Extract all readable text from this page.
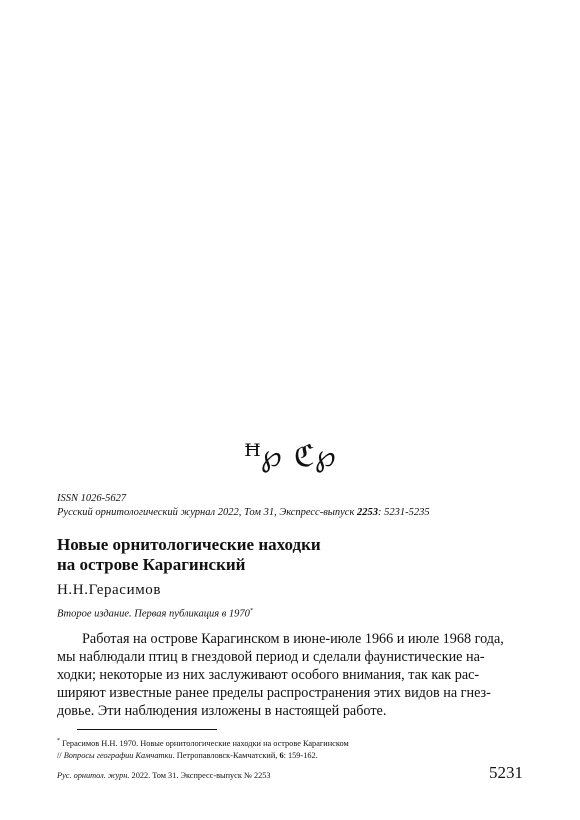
ꟸ℘ ℭ℘
ISSN 1026-5627
Русский орнитологический журнал 2022, Том 31, Экспресс-выпуск 2253: 5231-5235
Новые орнитологические находки
на острове Карагинский
Н.Н.Герасимов
Второе издание. Первая публикация в 1970*
Работая на острове Карагинском в июне-июле 1966 и июле 1968 года,
мы наблюдали птиц в гнездовой период и сделали фаунистические на-
ходки; некоторые из них заслуживают особого внимания, так как рас-
ширяют известные ранее пределы распространения этих видов на гнез-
довье. Эти наблюдения изложены в настоящей работе.
* Герасимов Н.Н. 1970. Новые орнитологические находки на острове Карагинском
// Вопросы географии Камчатки. Петропавловск-Камчатский, 6: 159-162.
Рус. орнитол. журн. 2022. Том 31. Экспресс-выпуск № 2253	5231
